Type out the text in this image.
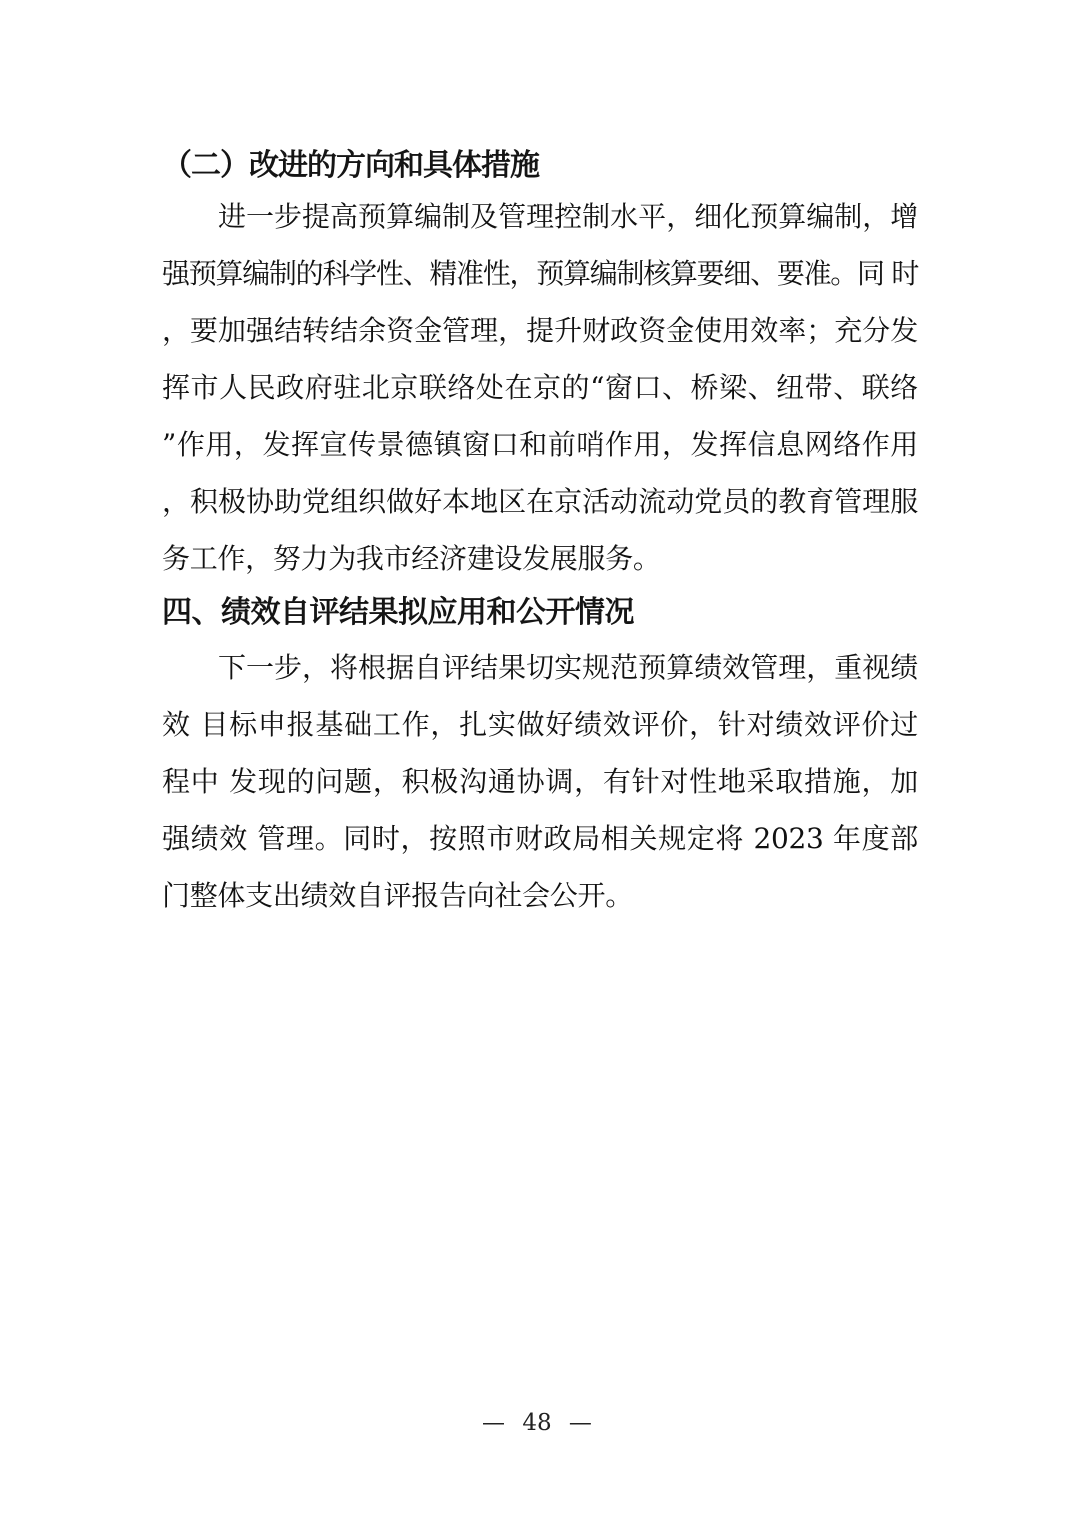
（二）改进的方向和具体措施
进一步提高预算编制及管理控制水平，细化预算编制，增
强预算编制的科学性、精准性，预算编制核算要细、要准。同 时
，要加强结转结余资金管理，提升财政资金使用效率；充分发
挥市人民政府驻北京联络处在京的“窗口、桥梁、纽带、联络
”作用，发挥宣传景德镇窗口和前哨作用，发挥信息网络作用
，积极协助党组织做好本地区在京活动流动党员的教育管理服
务工作，努力为我市经济建设发展服务。
四、绩效自评结果拟应用和公开情况
下一步，将根据自评结果切实规范预算绩效管理，重视绩
效 目标申报基础工作，扎实做好绩效评价，针对绩效评价过
程中 发现的问题，积极沟通协调，有针对性地采取措施，加
强绩效 管理。同时，按照市财政局相关规定将 2023 年度部
门整体支出绩效自评报告向社会公开。
— 48 —
